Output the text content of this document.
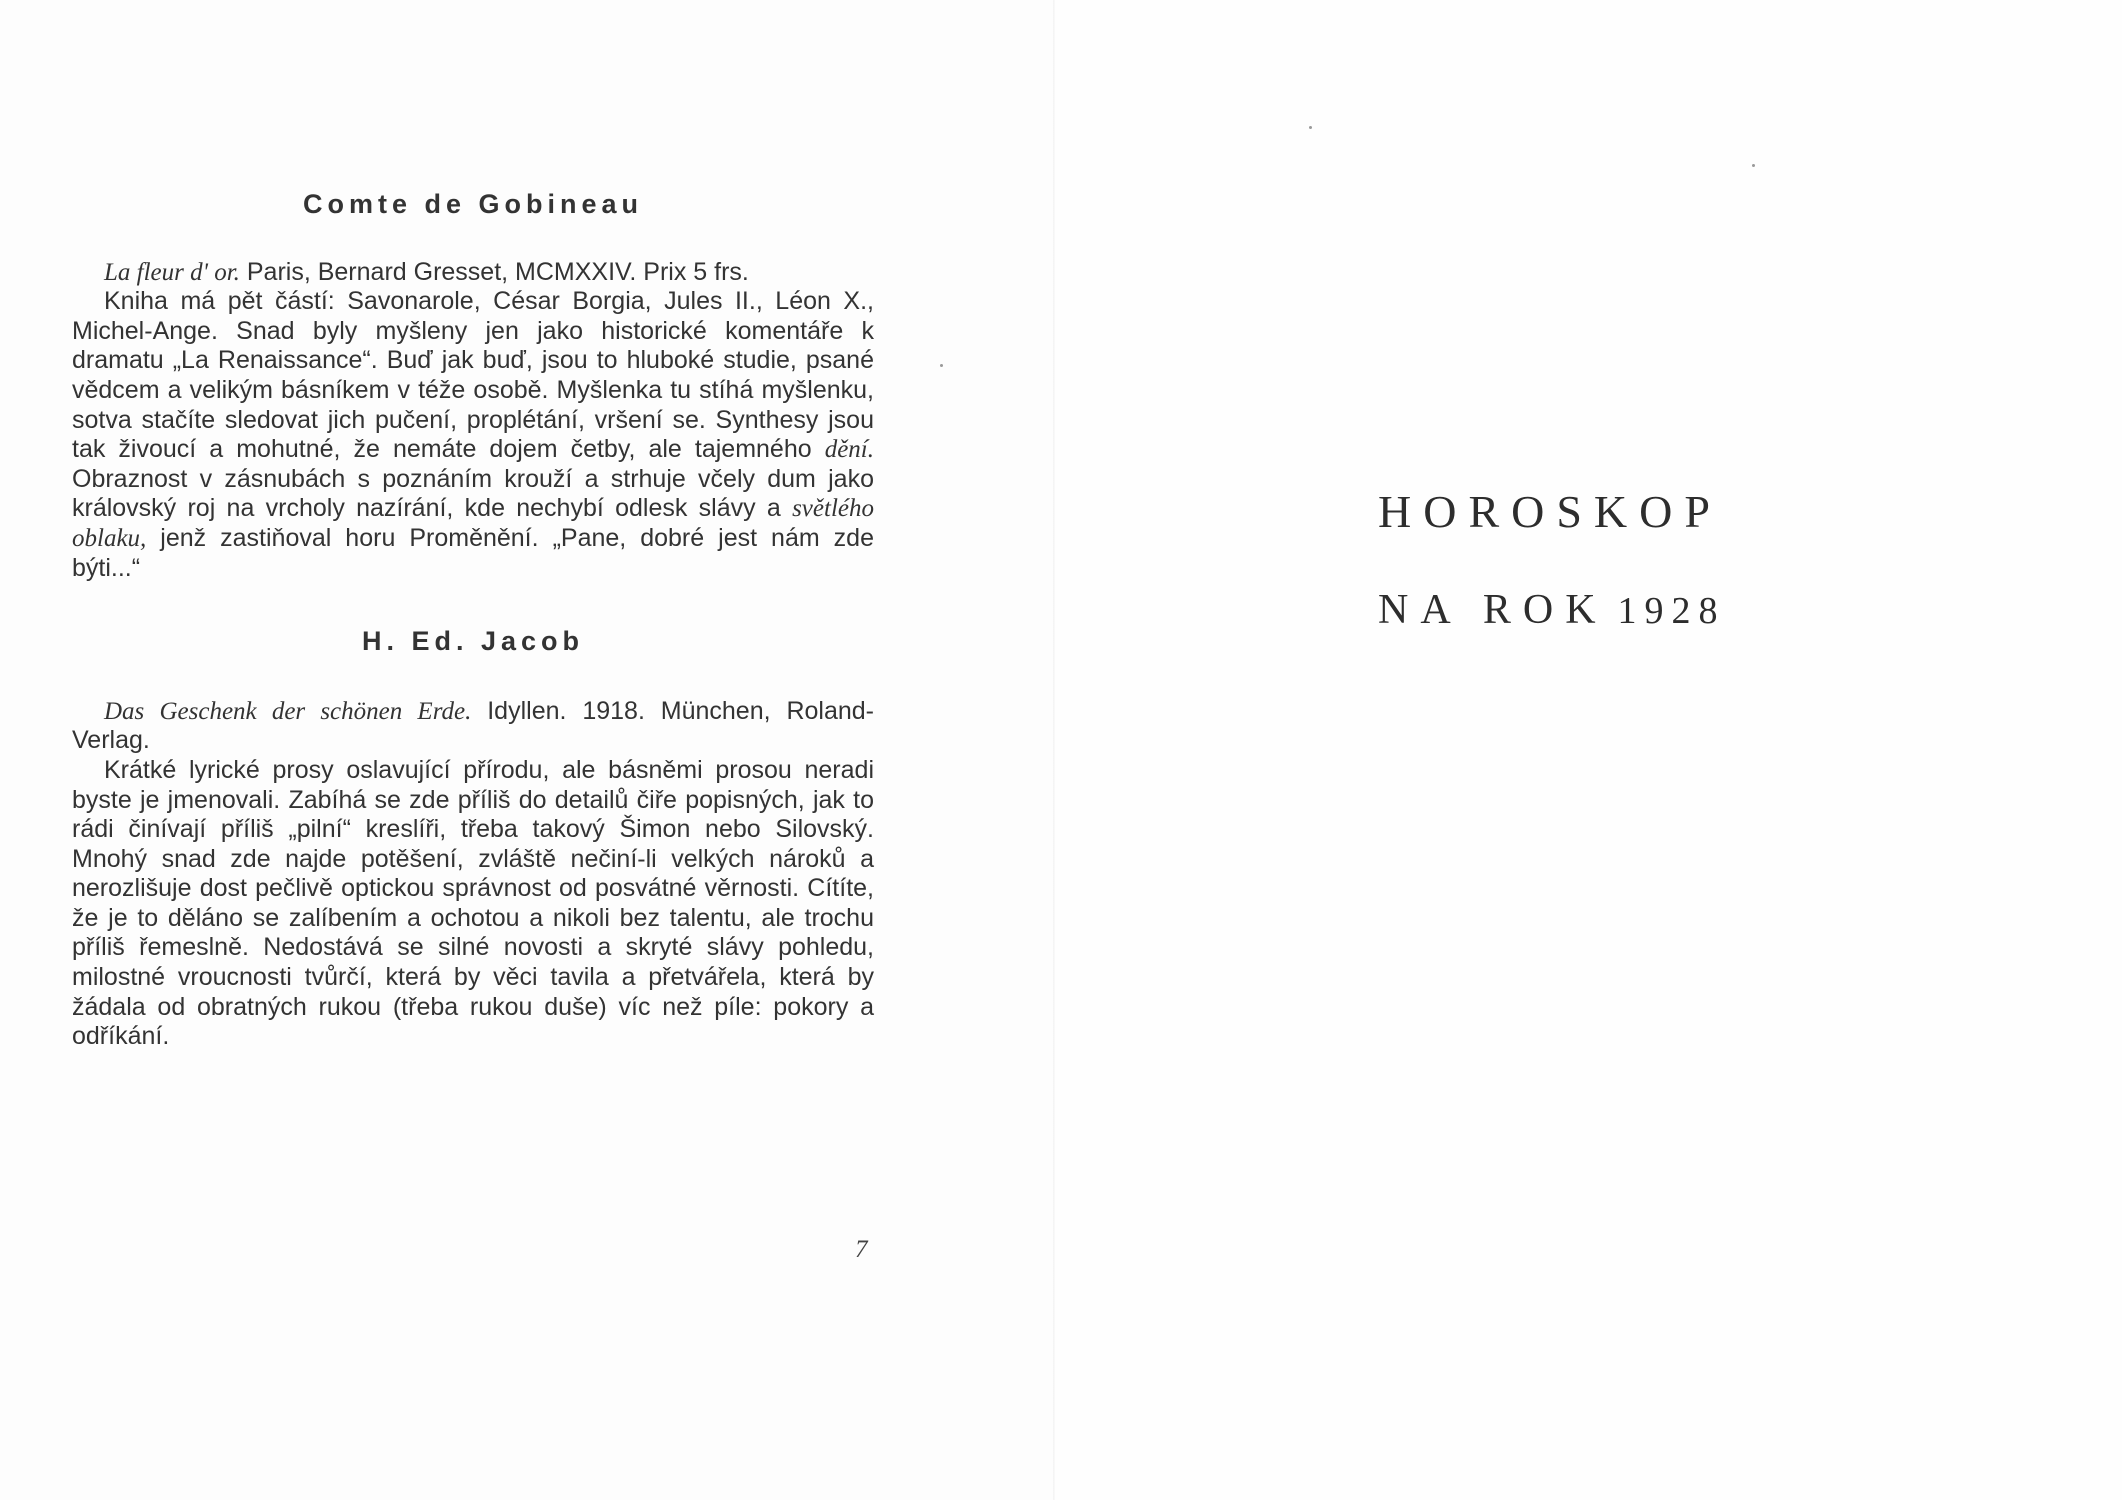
Comte de Gobineau

La fleur d' or. Paris, Bernard Gresset, MCMXXIV. Prix 5 frs.

Kniha má pět částí: Savonarole, César Borgia, Jules II., Léon X., Michel-Ange. Snad byly myšleny jen jako historické komentáře k dramatu „La Renaissance“. Buď jak buď, jsou to hluboké studie, psané vědcem a velikým básníkem v téže osobě. Myšlenka tu stíhá myšlenku, sotva stačíte sledovat jich pučení, proplétání, vršení se. Synthesy jsou tak živoucí a mohutné, že nemáte dojem četby, ale tajemného dění. Obraznost v zásnubách s poznáním krouží a strhuje včely dum jako královský roj na vrcholy nazírání, kde nechybí odlesk slávy a světlého oblaku, jenž zastiňoval horu Proměnění. „Pane, dobré jest nám zde býti...“

H. Ed. Jacob

Das Geschenk der schönen Erde. Idyllen. 1918. München, Roland-Verlag.

Krátké lyrické prosy oslavující přírodu, ale básněmi prosou neradi byste je jmenovali. Zabíhá se zde příliš do detailů čiře popisných, jak to rádi činívají příliš „pilní“ kreslíři, třeba takový Šimon nebo Silovský. Mnohý snad zde najde potěšení, zvláště nečiní-li velkých nároků a nerozlišuje dost pečlivě optickou správnost od posvátné věrnosti. Cítíte, že je to děláno se zalíbením a ochotou a nikoli bez talentu, ale trochu příliš řemeslně. Nedostává se silné novosti a skryté slávy pohledu, milostné vroucnosti tvůrčí, která by věci tavila a přetvářela, která by žádala od obratných rukou (třeba rukou duše) víc než píle: pokory a odříkání.

7
HOROSKOP
NA ROK 1928
